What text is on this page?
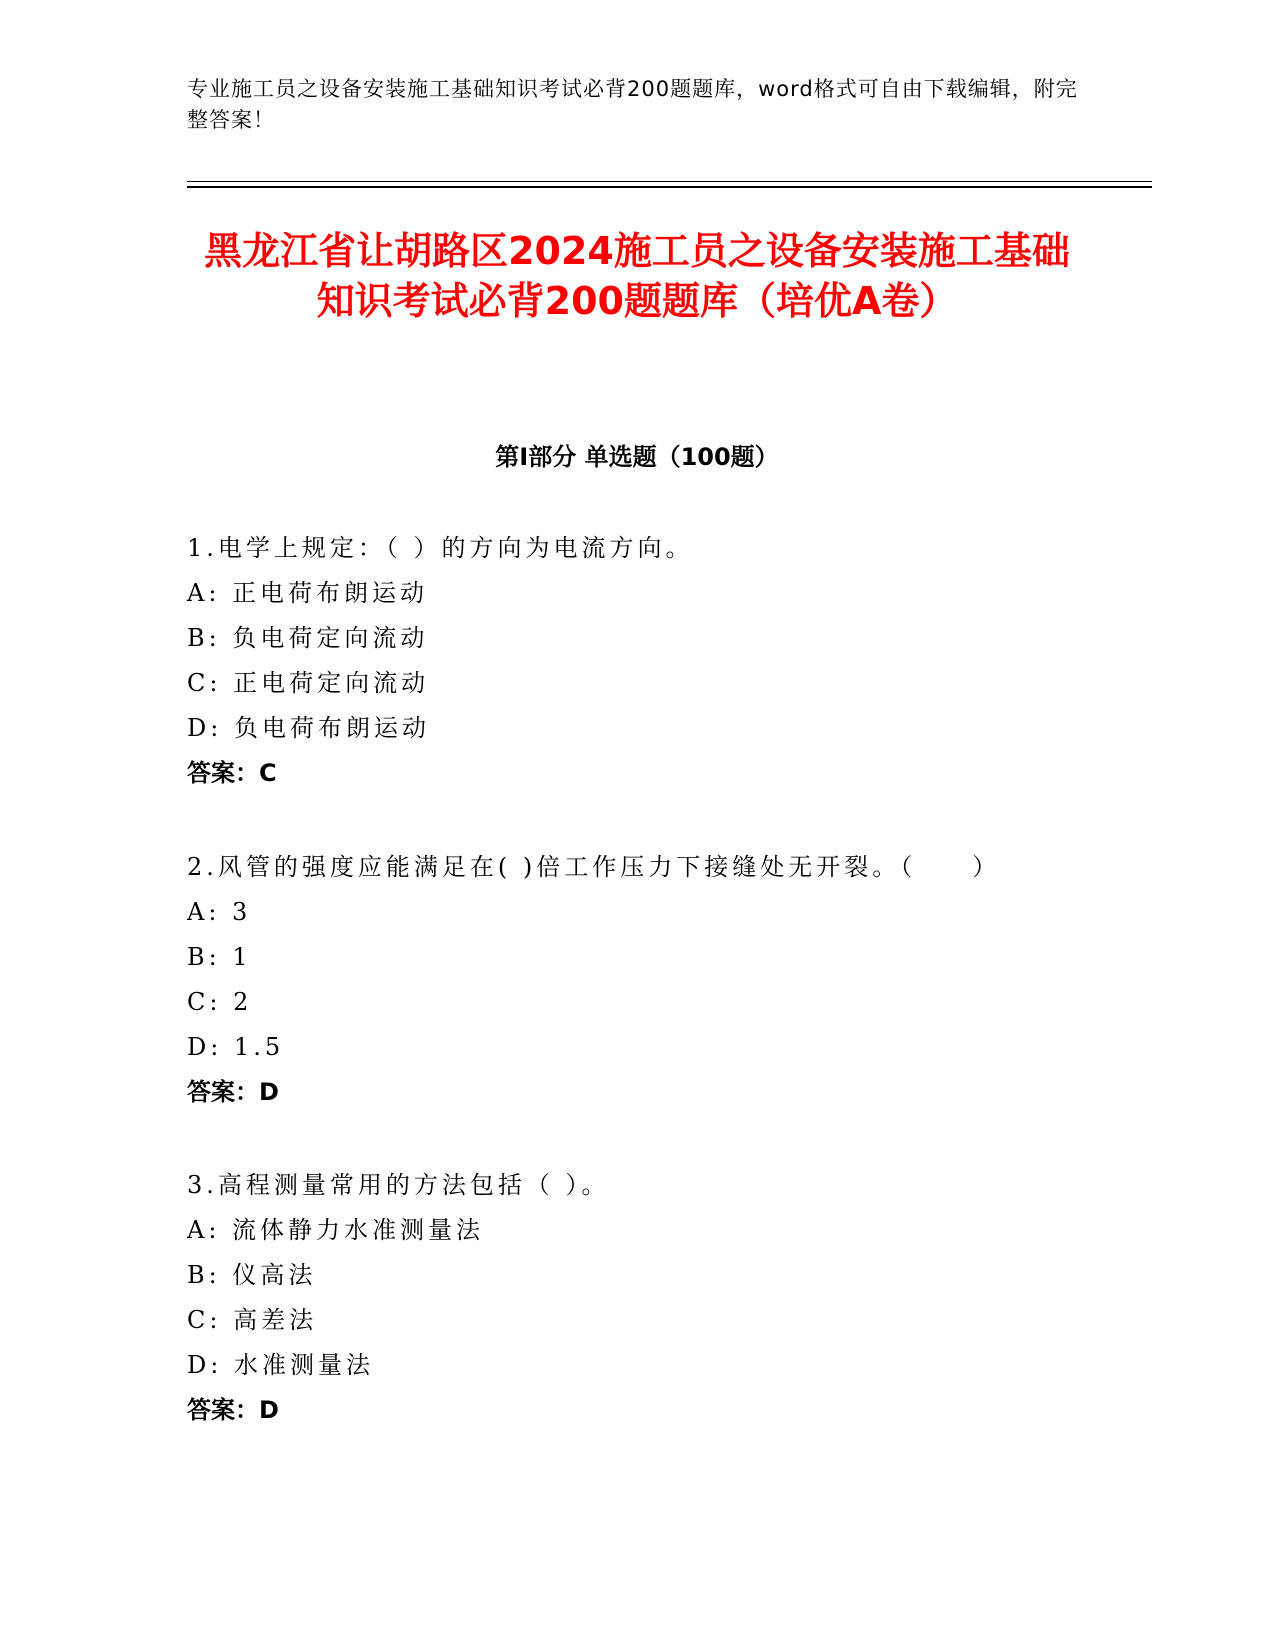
专业施工员之设备安装施工基础知识考试必背200题题库，word格式可自由下载编辑，附完整答案！
黑龙江省让胡路区2024施工员之设备安装施工基础知识考试必背200题题库（培优A卷）
第I部分 单选题（100题）
1.电学上规定：（ ）的方向为电流方向。
A: 正电荷布朗运动
B: 负电荷定向流动
C: 正电荷定向流动
D: 负电荷布朗运动
答案：C
2.风管的强度应能满足在( )倍工作压力下接缝处无开裂。（　　）
A: 3
B: 1
C: 2
D: 1.5
答案：D
3.高程测量常用的方法包括（ ）。
A: 流体静力水准测量法
B: 仪高法
C: 高差法
D: 水准测量法
答案：D
